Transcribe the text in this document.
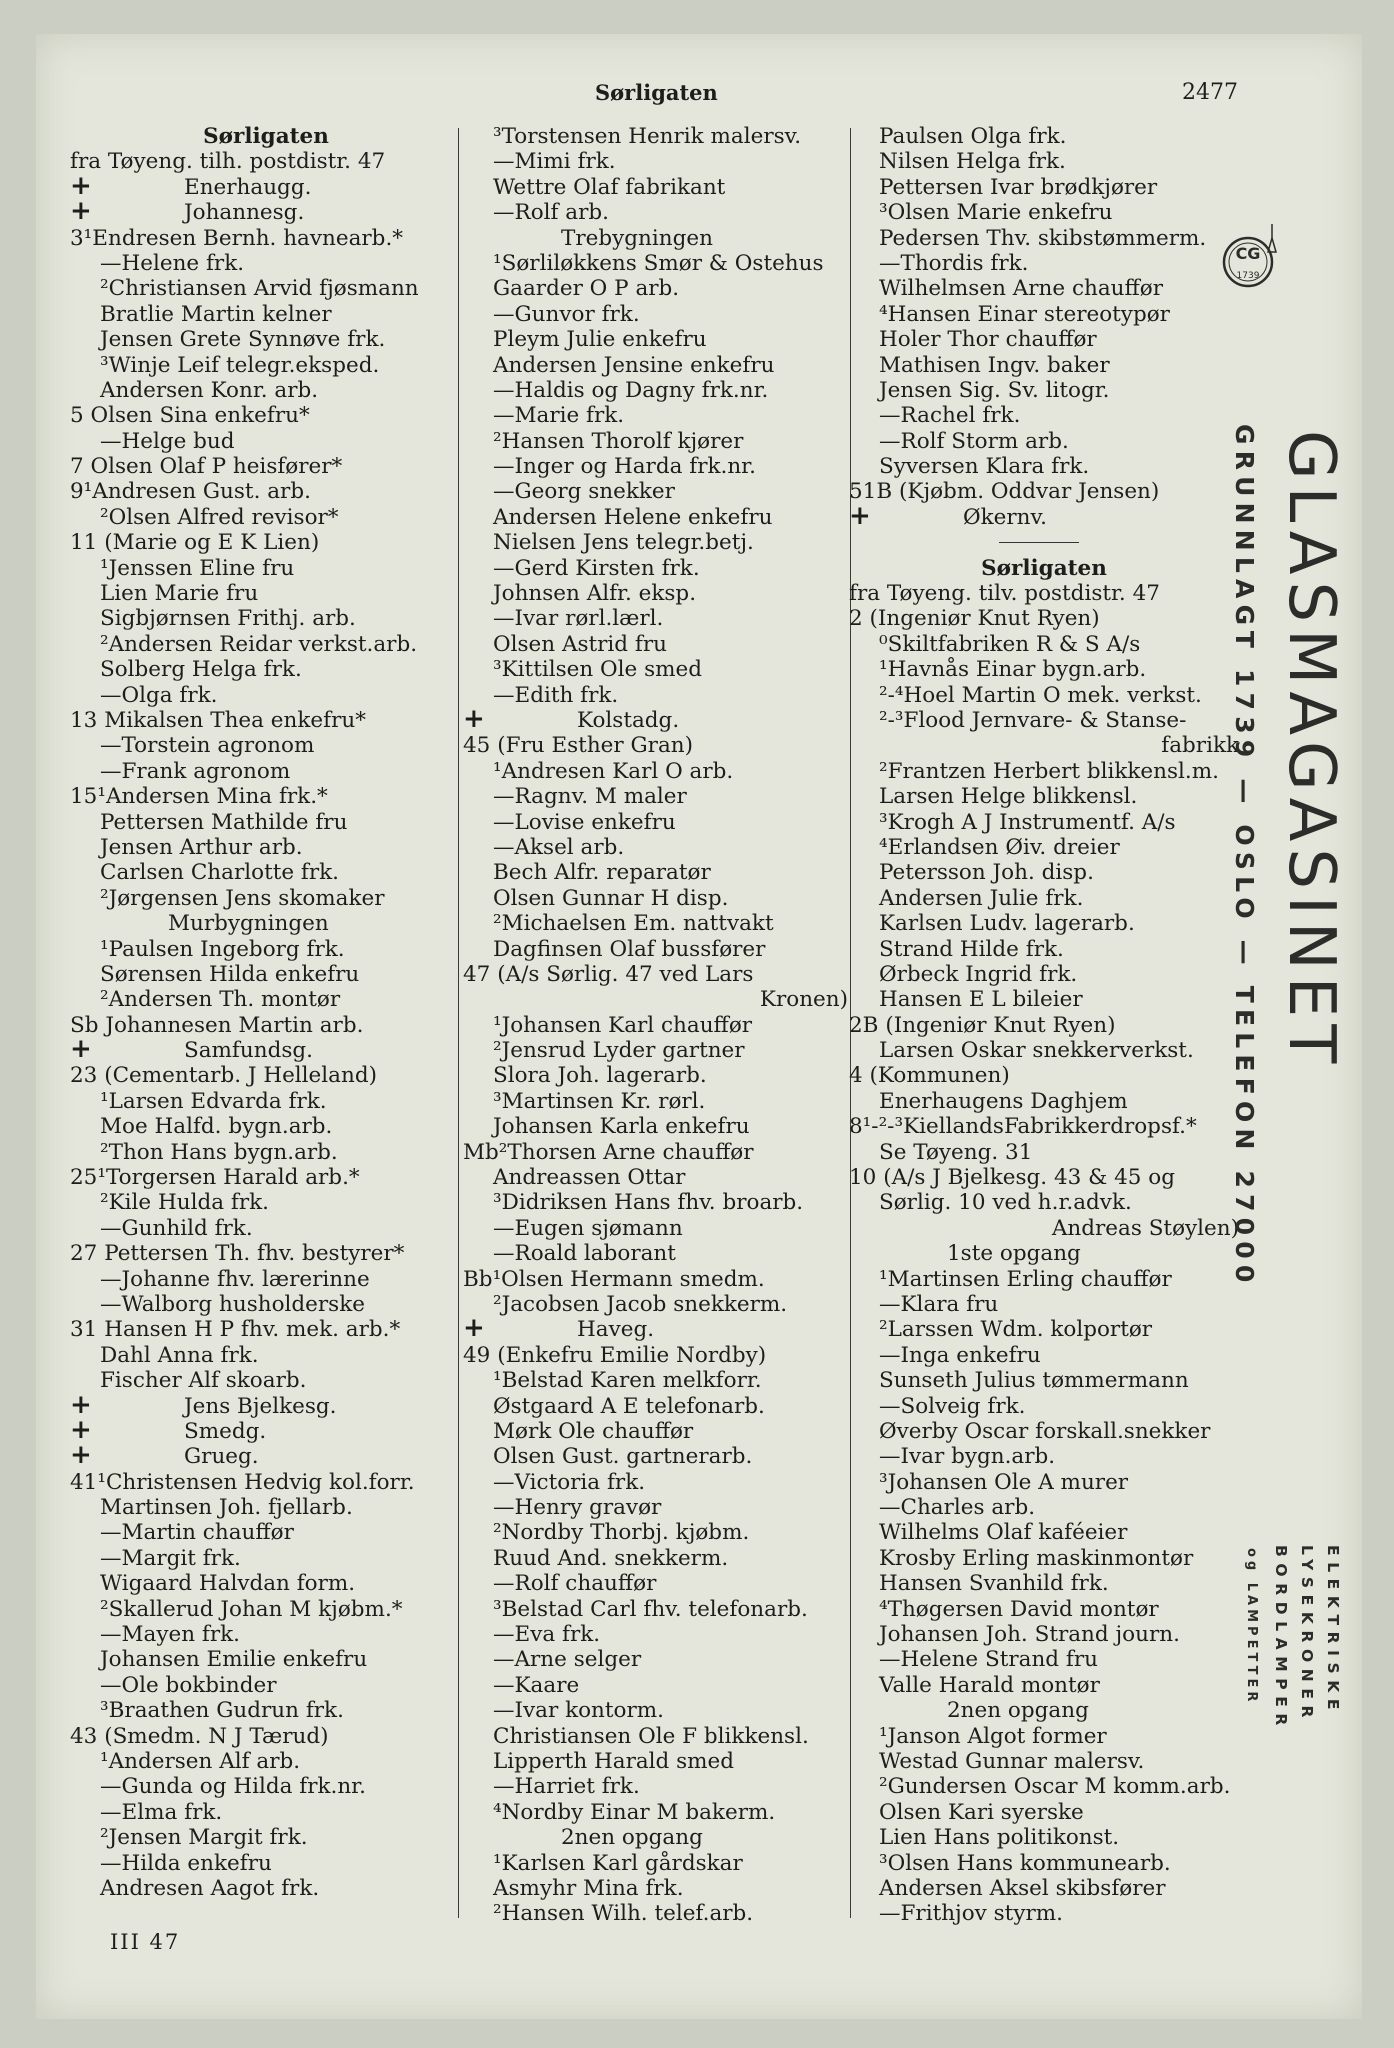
Sørligaten	2477
Sørligaten
fra Tøyeng. tilh. postdistr. 47
+	Enerhaugg.
+	Johannesg.
3¹Endresen Bernh. havnearb.*
—Helene frk.
²Christiansen Arvid fjøsmann
Bratlie Martin kelner
Jensen Grete Synnøve frk.
³Winje Leif telegr.eksped.
Andersen Konr. arb.
5 Olsen Sina enkefru*
—Helge bud
7 Olsen Olaf P heisfører*
9¹Andresen Gust. arb.
²Olsen Alfred revisor*
11 (Marie og E K Lien)
¹Jenssen Eline fru
Lien Marie fru
Sigbjørnsen Frithj. arb.
²Andersen Reidar verkst.arb.
Solberg Helga frk.
—Olga frk.
13 Mikalsen Thea enkefru*
—Torstein agronom
—Frank agronom
15¹Andersen Mina frk.*
Pettersen Mathilde fru
Jensen Arthur arb.
Carlsen Charlotte frk.
²Jørgensen Jens skomaker
Murbygningen
¹Paulsen Ingeborg frk.
Sørensen Hilda enkefru
²Andersen Th. montør
Sb Johannesen Martin arb.
+	Samfundsg.
23 (Cementarb. J Helleland)
¹Larsen Edvarda frk.
Moe Halfd. bygn.arb.
²Thon Hans bygn.arb.
25¹Torgersen Harald arb.*
²Kile Hulda frk.
—Gunhild frk.
27 Pettersen Th. fhv. bestyrer*
—Johanne fhv. lærerinne
—Walborg husholderske
31 Hansen H P fhv. mek. arb.*
Dahl Anna frk.
Fischer Alf skoarb.
+	Jens Bjelkesg.
+	Smedg.
+	Grueg.
41¹Christensen Hedvig kol.forr.
Martinsen Joh. fjellarb.
—Martin chauffør
—Margit frk.
Wigaard Halvdan form.
²Skallerud Johan M kjøbm.*
—Mayen frk.
Johansen Emilie enkefru
—Ole bokbinder
³Braathen Gudrun frk.
43 (Smedm. N J Tærud)
¹Andersen Alf arb.
—Gunda og Hilda frk.nr.
—Elma frk.
²Jensen Margit frk.
—Hilda enkefru
Andresen Aagot frk.
³Torstensen Henrik malersv.
—Mimi frk.
Wettre Olaf fabrikant
—Rolf arb.
Trebygningen
¹Sørliløkkens Smør & Ostehus
Gaarder O P arb.
—Gunvor frk.
Pleym Julie enkefru
Andersen Jensine enkefru
—Haldis og Dagny frk.nr.
—Marie frk.
²Hansen Thorolf kjører
—Inger og Harda frk.nr.
—Georg snekker
Andersen Helene enkefru
Nielsen Jens telegr.betj.
—Gerd Kirsten frk.
Johnsen Alfr. eksp.
—Ivar rørl.lærl.
Olsen Astrid fru
³Kittilsen Ole smed
—Edith frk.
+	Kolstadg.
45 (Fru Esther Gran)
¹Andresen Karl O arb.
—Ragnv. M maler
—Lovise enkefru
—Aksel arb.
Bech Alfr. reparatør
Olsen Gunnar H disp.
²Michaelsen Em. nattvakt
Dagfinsen Olaf bussfører
47 (A/s Sørlig. 47 ved Lars
Kronen)
¹Johansen Karl chauffør
²Jensrud Lyder gartner
Slora Joh. lagerarb.
³Martinsen Kr. rørl.
Johansen Karla enkefru
Mb²Thorsen Arne chauffør
Andreassen Ottar
³Didriksen Hans fhv. broarb.
—Eugen sjømann
—Roald laborant
Bb¹Olsen Hermann smedm.
²Jacobsen Jacob snekkerm.
+	Haveg.
49 (Enkefru Emilie Nordby)
¹Belstad Karen melkforr.
Østgaard A E telefonarb.
Mørk Ole chauffør
Olsen Gust. gartnerarb.
—Victoria frk.
—Henry gravør
²Nordby Thorbj. kjøbm.
Ruud And. snekkerm.
—Rolf chauffør
³Belstad Carl fhv. telefonarb.
—Eva frk.
—Arne selger
—Kaare
—Ivar kontorm.
Christiansen Ole F blikkensl.
Lipperth Harald smed
—Harriet frk.
⁴Nordby Einar M bakerm.
2nen opgang
¹Karlsen Karl gårdskar
Asmyhr Mina frk.
²Hansen Wilh. telef.arb.
Paulsen Olga frk.
Nilsen Helga frk.
Pettersen Ivar brødkjører
³Olsen Marie enkefru
Pedersen Thv. skibstømmerm.
—Thordis frk.
Wilhelmsen Arne chauffør
⁴Hansen Einar stereotypør
Holer Thor chauffør
Mathisen Ingv. baker
Jensen Sig. Sv. litogr.
—Rachel frk.
—Rolf Storm arb.
Syversen Klara frk.
51B (Kjøbm. Oddvar Jensen)
+	Økernv.
Sørligaten
fra Tøyeng. tilv. postdistr. 47
2 (Ingeniør Knut Ryen)
⁰Skiltfabriken R & S A/s
¹Havnås Einar bygn.arb.
²-⁴Hoel Martin O mek. verkst.
²-³Flood Jernvare- & Stanse-
fabrikk
²Frantzen Herbert blikkensl.m.
Larsen Helge blikkensl.
³Krogh A J Instrumentf. A/s
⁴Erlandsen Øiv. dreier
Petersson Joh. disp.
Andersen Julie frk.
Karlsen Ludv. lagerarb.
Strand Hilde frk.
Ørbeck Ingrid frk.
Hansen E L bileier
2B (Ingeniør Knut Ryen)
Larsen Oskar snekkerverkst.
4 (Kommunen)
Enerhaugens Daghjem
8¹-²-³KiellandsFabrikkerdropsf.*
Se Tøyeng. 31
10 (A/s J Bjelkesg. 43 & 45 og
Sørlig. 10 ved h.r.advk.
Andreas Støylen)
1ste opgang
¹Martinsen Erling chauffør
—Klara fru
²Larssen Wdm. kolportør
—Inga enkefru
Sunseth Julius tømmermann
—Solveig frk.
Øverby Oscar forskall.snekker
—Ivar bygn.arb.
³Johansen Ole A murer
—Charles arb.
Wilhelms Olaf kaféeier
Krosby Erling maskinmontør
Hansen Svanhild frk.
⁴Thøgersen David montør
Johansen Joh. Strand journ.
—Helene Strand fru
Valle Harald montør
2nen opgang
¹Janson Algot former
Westad Gunnar malersv.
²Gundersen Oscar M komm.arb.
Olsen Kari syerske
Lien Hans politikonst.
³Olsen Hans kommunearb.
Andersen Aksel skibsfører
—Frithjov styrm.
III 47
CG
1739
GLASMAGASINET
GRUNNLAGT 1739 — OSLO — TELEFON 27000
ELEKTRISKE
LYSEKRONER
BORDLAMPER
og LAMPETTER
